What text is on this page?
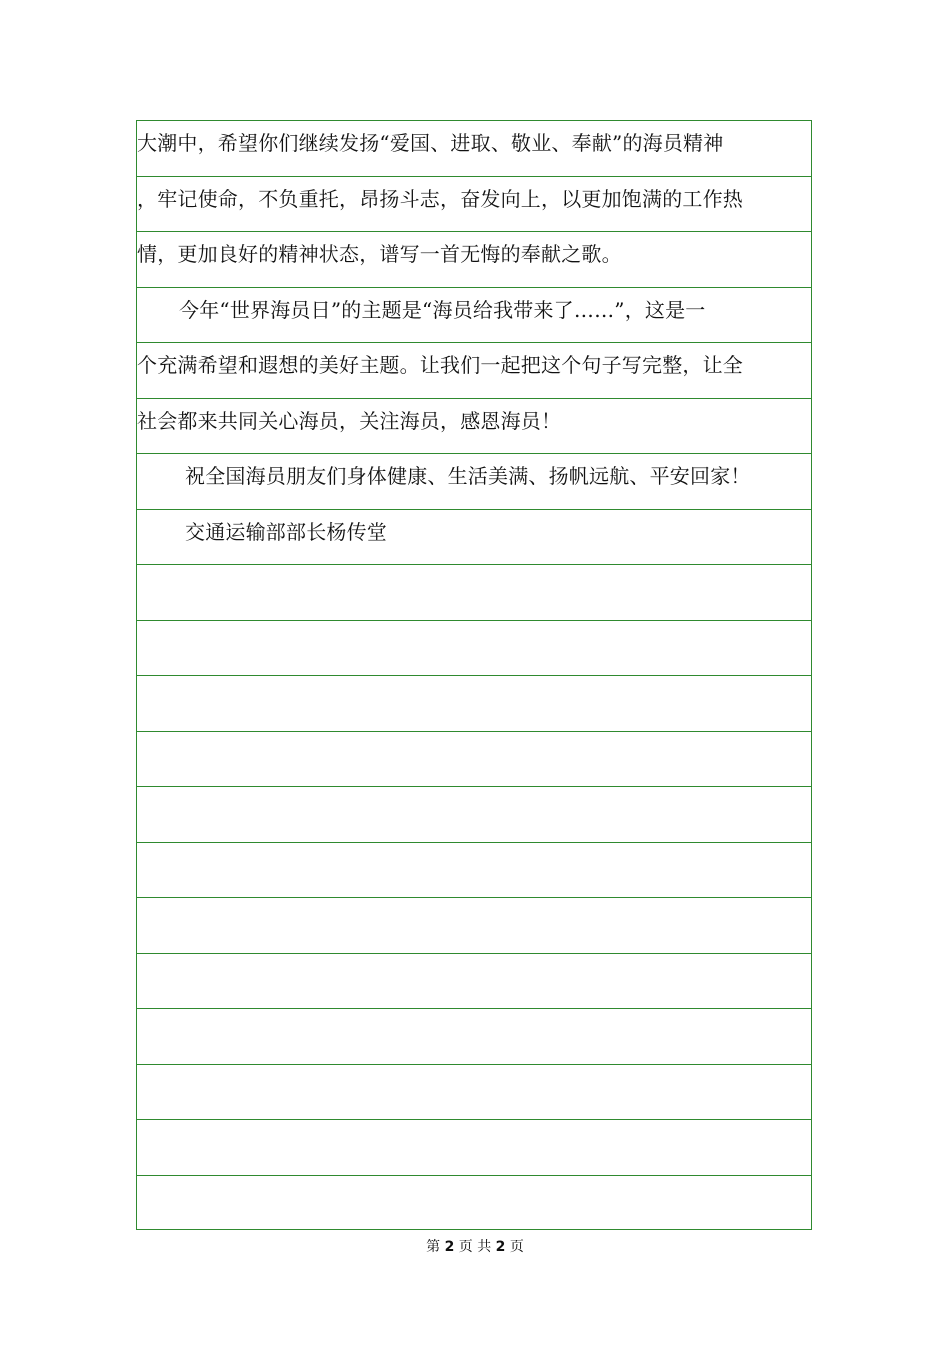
大潮中，希望你们继续发扬“爱国、进取、敬业、奉献”的海员精神
，牢记使命，不负重托，昂扬斗志，奋发向上，以更加饱满的工作热
情，更加良好的精神状态，谱写一首无悔的奉献之歌。
今年“世界海员日”的主题是“海员给我带来了……”，这是一
个充满希望和遐想的美好主题。让我们一起把这个句子写完整，让全
社会都来共同关心海员，关注海员，感恩海员！
祝全国海员朋友们身体健康、生活美满、扬帆远航、平安回家！
交通运输部部长杨传堂
第 2 页 共 2 页
